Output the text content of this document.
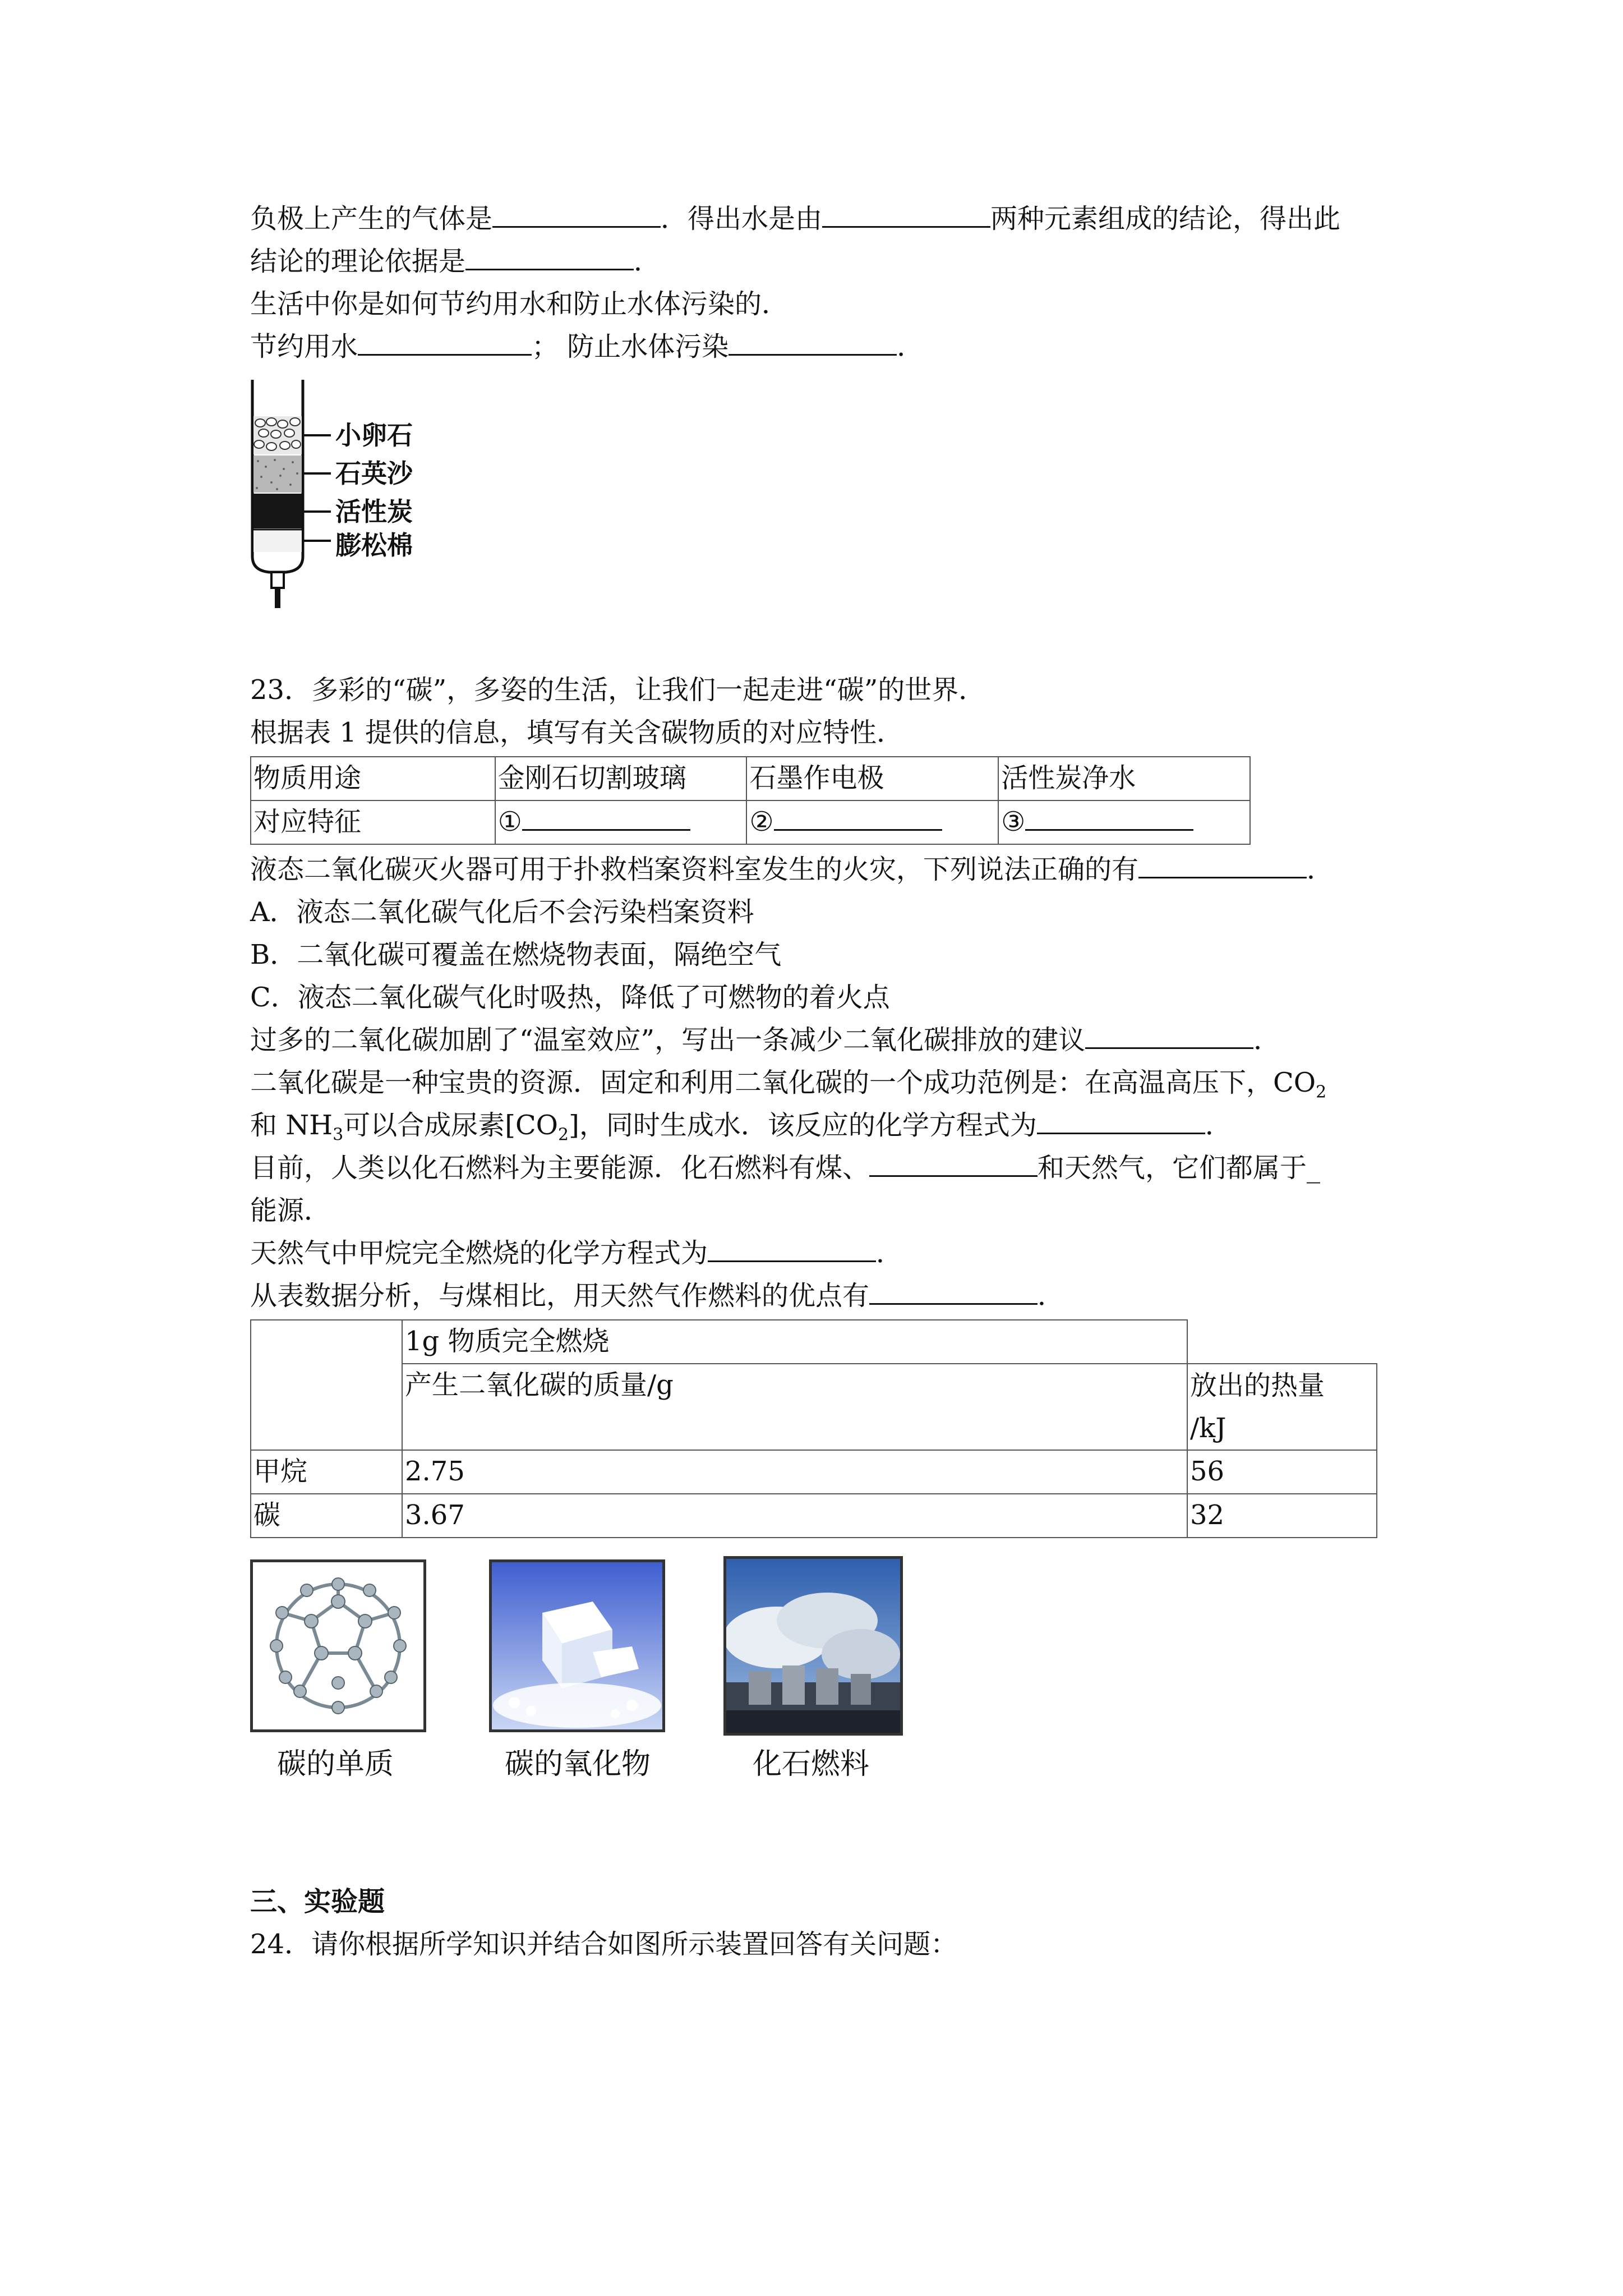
负极上产生的气体是	．得出水是由	两种元素组成的结论，得出此
结论的理论依据是	．
生活中你是如何节约用水和防止水体污染的．
节约用水	； 防止水体污染	．
小卵石
石英沙
活性炭
膨松棉
23．多彩的“碳”，多姿的生活，让我们一起走进“碳”的世界．
根据表 1 提供的信息，填写有关含碳物质的对应特性．
物质用途	金刚石切割玻璃	石墨作电极	活性炭净水
对应特征	①	②	③
液态二氧化碳灭火器可用于扑救档案资料室发生的火灾，下列说法正确的有	．
A．液态二氧化碳气化后不会污染档案资料
B．二氧化碳可覆盖在燃烧物表面，隔绝空气
C．液态二氧化碳气化时吸热，降低了可燃物的着火点
过多的二氧化碳加剧了“温室效应”，写出一条减少二氧化碳排放的建议	．
二氧化碳是一种宝贵的资源．固定和利用二氧化碳的一个成功范例是：在高温高压下，$CO_2$
和 $NH_3$可以合成尿素$[CO_2]$，同时生成水．该反应的化学方程式为	．
目前，人类以化石燃料为主要能源．化石燃料有煤、	和天然气，它们都属于_
能源．
天然气中甲烷完全燃烧的化学方程式为	．
从表数据分析，与煤相比，用天然气作燃料的优点有	．
	1g 物质完全燃烧	
	产生二氧化碳的质量/g	放出的热量
/kJ

甲烷	2.75	56
碳	3.67	32
碳的单质	碳的氧化物	化石燃料
三、实验题
24．请你根据所学知识并结合如图所示装置回答有关问题：
